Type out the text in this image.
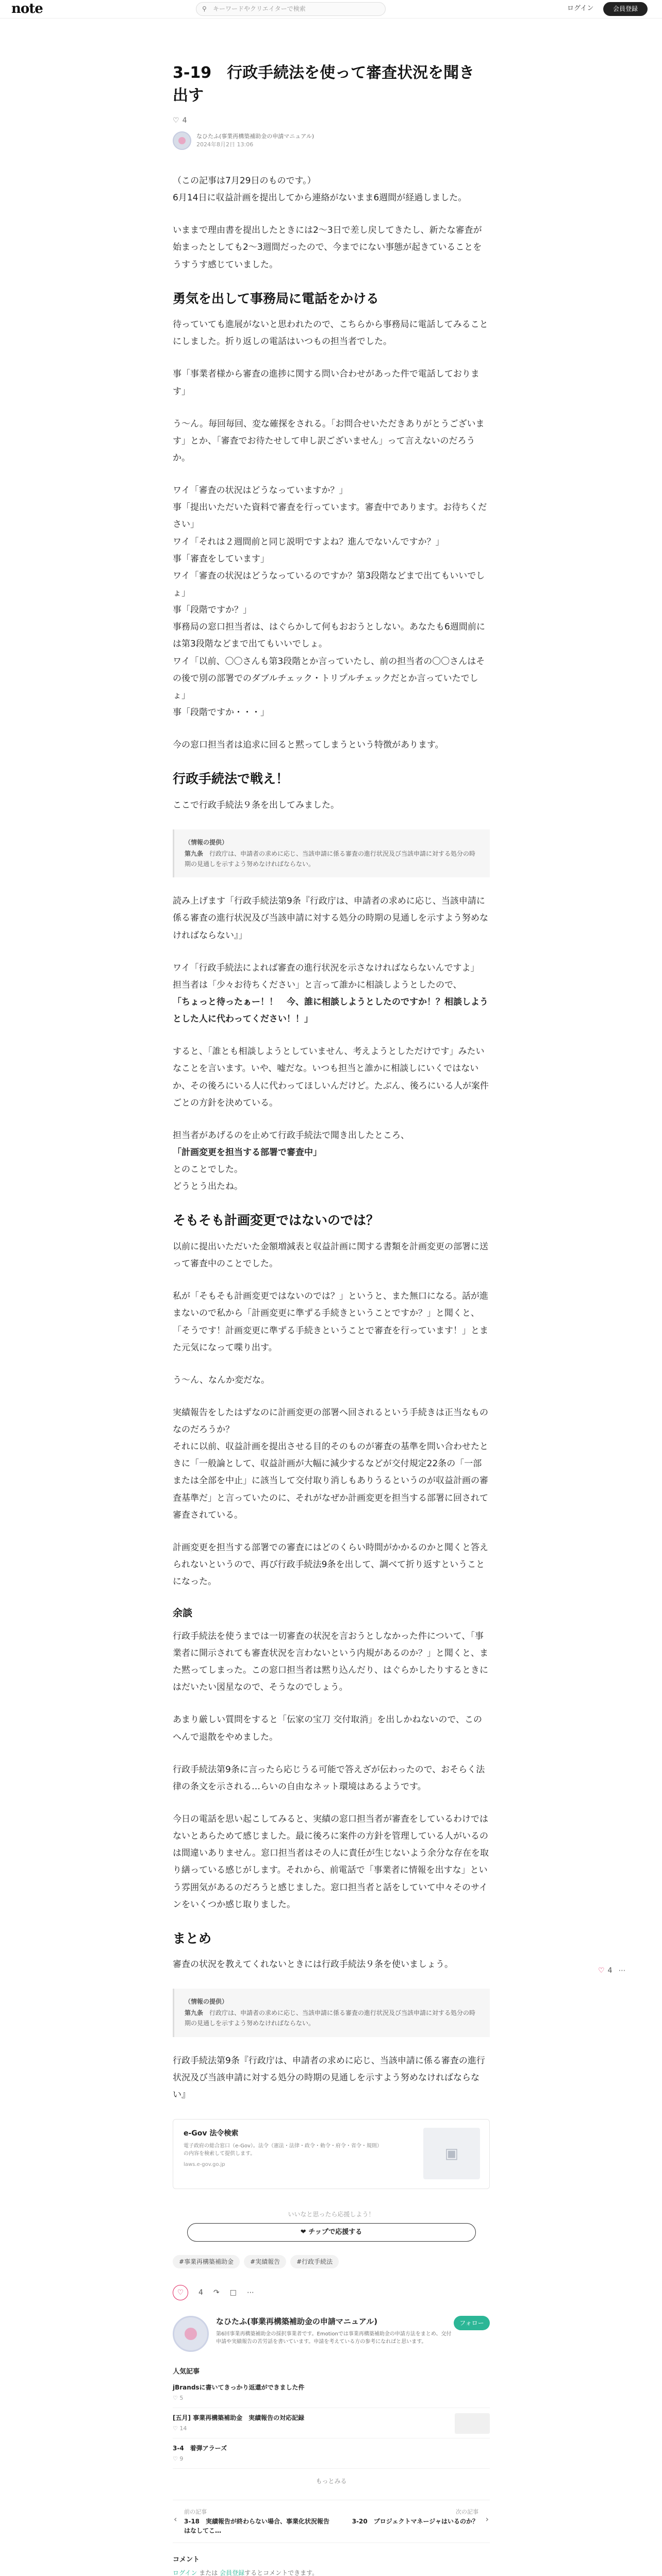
note	⚲ キーワードやクリエイターで検索	ログイン	会員登録
♡ 4 ⋯
3-19　行政手続法を使って審査状況を聞き出す
♡ 4
なひたふ(事業再構築補助金の申請マニュアル)
2024年8月2日 13:06

（この記事は7月29日のものです。）

6月14日に収益計画を提出してから連絡がないまま6週間が経過しました。

いままで理由書を提出したときには2～3日で差し戻してきたし、新たな審査が始まったとしても2～3週間だったので、今までにない事態が起きていることをうすうす感じていました。

勇気を出して事務局に電話をかける

待っていても進展がないと思われたので、こちらから事務局に電話してみることにしました。折り返しの電話はいつもの担当者でした。

事「事業者様から審査の進捗に関する問い合わせがあった件で電話しております」

う〜ん。毎回毎回、変な確探をされる。「お問合せいただきありがとうございます」とか、「審査でお待たせして申し訳ございません」って言えないのだろうか。

ワイ「審査の状況はどうなっていますか？」

事「提出いただいた資料で審査を行っています。審査中であります。お待ちください」

ワイ「それは２週間前と同じ説明ですよね？進んでないんですか？」

事「審査をしています」

ワイ「審査の状況はどうなっているのですか？第3段階などまで出てもいいでしょ」

事「段階ですか？」

事務局の窓口担当者は、はぐらかして何もおおうとしない。あなたも6週間前には第3段階などまで出てもいいでしょ。

ワイ「以前、〇〇さんも第3段階とか言っていたし、前の担当者の〇〇さんはその後で別の部署でのダブルチェック・トリプルチェックだとか言っていたでしょ」

事「段階ですか・・・」

今の窓口担当者は追求に回ると黙ってしまうという特徴があります。

行政手続法で戦え！

ここで行政手続法９条を出してみました。

（情報の提供）
第九条　 行政庁は、申請者の求めに応じ、当該申請に係る審査の進行状況及び当該申請に対する処分の時期の見通しを示すよう努めなければならない。

読み上げます「行政手続法第9条『行政庁は、申請者の求めに応じ、当該申請に係る審査の進行状況及び当該申請に対する処分の時期の見通しを示すよう努めなければならない』」

ワイ「行政手続法によれば審査の進行状況を示さなければならないんですよ」

担当者は「少々お待ちください」と言って誰かに相談しようとしたので、

「ちょっと待ったぁー！！　今、誰に相談しようとしたのですか！？相談しようとした人に代わってください！！」

すると、「誰とも相談しようとしていません、考えようとしただけです」みたいなことを言います。いや、嘘だな。いつも担当と誰かに相談しにいくではないか、その後ろにいる人に代わってほしいんだけど。たぶん、後ろにいる人が案件ごとの方針を決めている。

担当者があげるのを止めて行政手続法で聞き出したところ、

「計画変更を担当する部署で審査中」

とのことでした。

どうとう出たね。

そもそも計画変更ではないのでは？

以前に提出いただいた金額増減表と収益計画に関する書類を計画変更の部署に送って審査中のことでした。

私が「そもそも計画変更ではないのでは？」というと、また無口になる。話が進まないので私から「計画変更に準ずる手続きということですか？」と聞くと、「そうです！計画変更に準ずる手続きということで審査を行っています！」とまた元気になって喋り出す。

う〜ん、なんか変だな。

実績報告をしたはずなのに計画変更の部署へ回されるという手続きは正当なものなのだろうか？

それに以前、収益計画を提出させる目的そのものが審査の基準を問い合わせたときに「一般論として、収益計画が大幅に減少するなどが交付規定22条の「一部または全部を中止」に該当して交付取り消しもありうるというのが収益計画の審査基準だ」と言っていたのに、それがなぜか計画変更を担当する部署に回されて審査されている。

計画変更を担当する部署での審査にはどのくらい時間がかかるのかと聞くと答えられないというので、再び行政手続法9条を出して、調べて折り返すということになった。

余談

行政手続法を使うまでは一切審査の状況を言おうとしなかった件について、「事業者に開示されても審査状況を言わないという内規があるのか？」と聞くと、また黙ってしまった。この窓口担当者は黙り込んだり、はぐらかしたりするときにはだいたい図星なので、そうなのでしょう。

あまり厳しい質問をすると「伝家の宝刀 交付取消」を出しかねないので、このへんで退散をやめました。

行政手続法第9条に言ったら応じうる可能で答えざが伝わったので、おそらく法律の条文を示される…らいの自由なネット環境はあるようです。

今日の電話を思い起こしてみると、実績の窓口担当者が審査をしているわけではないとあらためて感じました。最に後ろに案件の方針を管理している人がいるのは間違いありません。窓口担当者はその人に責任が生じないよう余分な存在を取り繕っている感じがします。それから、前電話で「事業者に情報を出すな」という雰囲気があるのだろうと感じました。窓口担当者と話をしていて中々そのサインをいくつか感じ取りました。

まとめ

審査の状況を教えてくれないときには行政手続法９条を使いましょう。

（情報の提供）
第九条　 行政庁は、申請者の求めに応じ、当該申請に係る審査の進行状況及び当該申請に対する処分の時期の見通しを示すよう努めなければならない。

行政手続法第9条『行政庁は、申請者の求めに応じ、当該申請に係る審査の進行状況及び当該申請に対する処分の時期の見通しを示すよう努めなければならない』

e-Gov 法令検索
電子政府の総合窓口（e-Gov）。法令（憲法・法律・政令・勅令・府令・省令・規則）の内容を検索して提供します。
laws.e-gov.go.jp
▣
いいなと思ったら応援しよう！
❤ チップで応援する
#事業再構築補助金	#実績報告	#行政手続法
♡	4 ↷ □ ⋯
なひたふ(事業再構築補助金の申請マニュアル)
第6回事業再構築補助金の採択事業者です。Emotionでは事業再構築補助金の申請方法をまとめ、交付申請や実績報告の苦労話を書いています。申請を考えている方の参考になればと思います。
フォロー
人気記事
jBrandsに書いてきっかり返還ができました件
♡ 5
[五月] 事業再構築補助金　実績報告の対応記録
♡ 14
3-4　着弾アラーズ
♡ 9
もっとみる
‹
前の記事
3-18　実績報告が終わらない場合、事業化状況報告はなしてこ…
›
次の記事
3-20　プロジェクトマネージャはいるのか？
コメント
ログイン または 会員登録するとコメントできます。
